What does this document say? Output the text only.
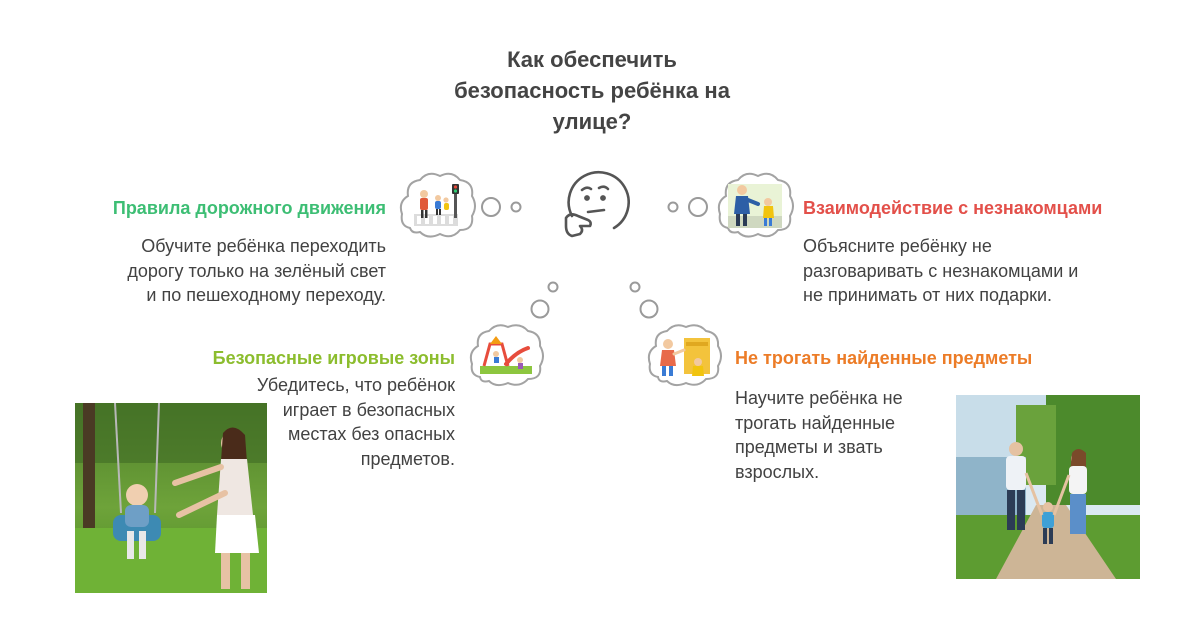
Как обеспечить безопасность ребёнка на улице?
Правила дорожного движения
Обучите ребёнка переходить дорогу только на зелёный свет и по пешеходному переходу.
Взаимодействие с незнакомцами
Объясните ребёнку не разговаривать с незнакомцами и не принимать от них подарки.
Безопасные игровые зоны
Убедитесь, что ребёнок играет в безопасных местах без опасных предметов.
Не трогать найденные предметы
Научите ребёнка не трогать найденные предметы и звать взрослых.
